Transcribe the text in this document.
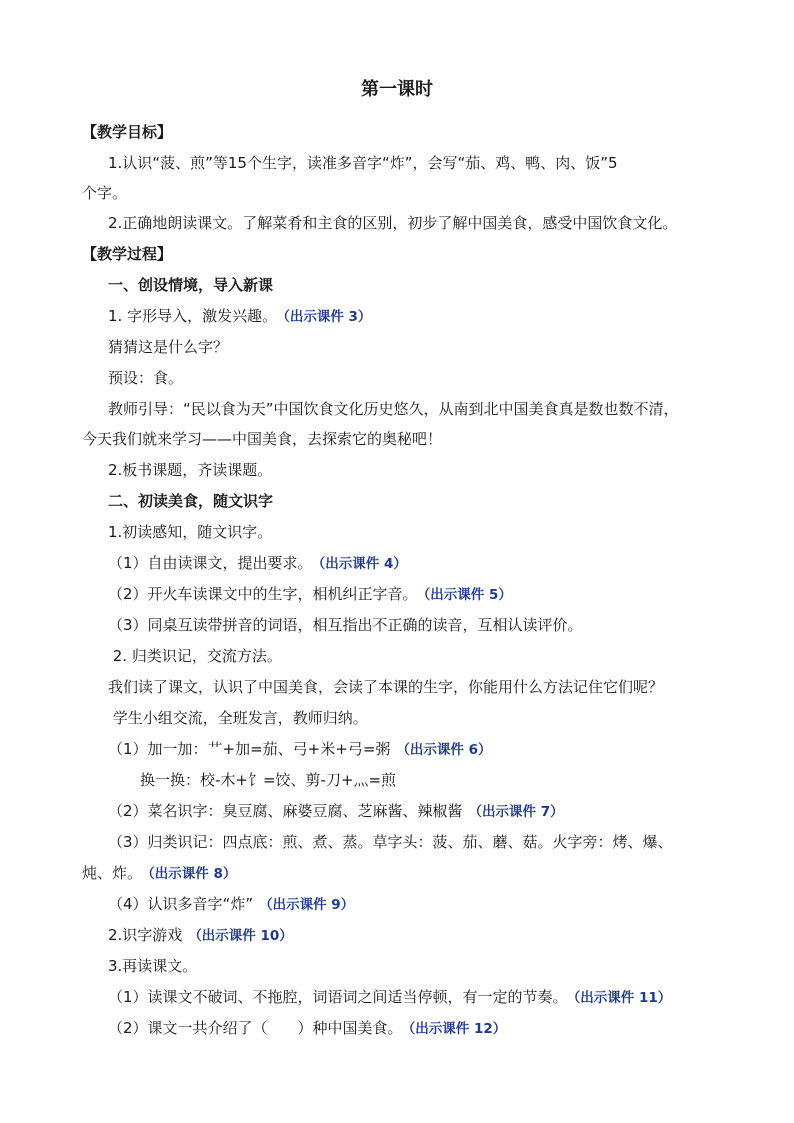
第一课时
【教学目标】
1.认识“菠、煎”等15个生字，读准多音字“炸”，会写“茄、鸡、鸭、肉、饭”5
个字。
2.正确地朗读课文。了解菜肴和主食的区别，初步了解中国美食，感受中国饮食文化。
【教学过程】
一、创设情境，导入新课
1. 字形导入，激发兴趣。 （出示课件 3）
猜猜这是什么字？
预设：食。
教师引导：“民以食为天”中国饮食文化历史悠久，从南到北中国美食真是数也数不清，
今天我们就来学习——中国美食，去探索它的奥秘吧！
2.板书课题，齐读课题。
二、初读美食，随文识字
1.初读感知，随文识字。
（1）自由读课文，提出要求。 （出示课件 4）
（2）开火车读课文中的生字，相机纠正字音。 （出示课件 5）
（3）同桌互读带拼音的词语，相互指出不正确的读音，互相认读评价。
2. 归类识记，交流方法。
我们读了课文，认识了中国美食，会读了本课的生字，你能用什么方法记住它们呢？
学生小组交流，全班发言，教师归纳。
（1）加一加：艹+加=茄、弓+米+弓=粥 （出示课件 6）
换一换：校-木+饣=饺、剪-刀+灬=煎
（2）菜名识字：臭豆腐、麻婆豆腐、芝麻酱、辣椒酱 （出示课件 7）
（3）归类识记：四点底：煎、煮、蒸。草字头：菠、茄、蘑、菇。火字旁：烤、爆、
炖、炸。 （出示课件 8）
（4）认识多音字“炸” （出示课件 9）
2.识字游戏 （出示课件 10）
3.再读课文。
（1）读课文不破词、不拖腔，词语词之间适当停顿，有一定的节奏。 （出示课件 11）
（2）课文一共介绍了（　　）种中国美食。 （出示课件 12）
